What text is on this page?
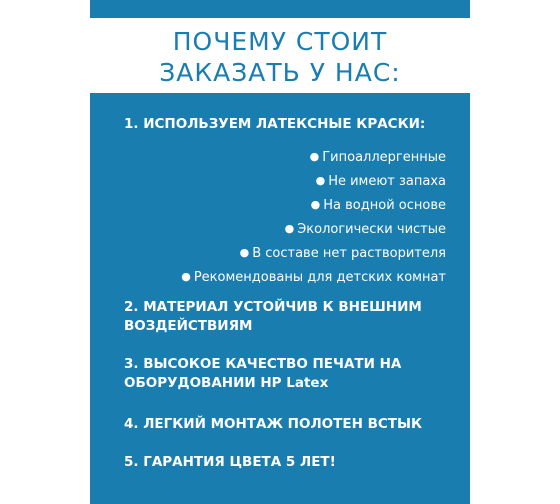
ПОЧЕМУ СТОИТ
ЗАКАЗАТЬ У НАС:
1. ИСПОЛЬЗУЕМ ЛАТЕКСНЫЕ КРАСКИ:
● Гипоаллергенные
● Не имеют запаха
● На водной основе
● Экологически чистые
● В составе нет растворителя
● Рекомендованы для детских комнат
2. МАТЕРИАЛ УСТОЙЧИВ К ВНЕШНИМ
ВОЗДЕЙСТВИЯМ
3. ВЫСОКОЕ КАЧЕСТВО ПЕЧАТИ НА
ОБОРУДОВАНИИ HP Latex
4. ЛЕГКИЙ МОНТАЖ ПОЛОТЕН ВСТЫК
5. ГАРАНТИЯ ЦВЕТА 5 ЛЕТ!
